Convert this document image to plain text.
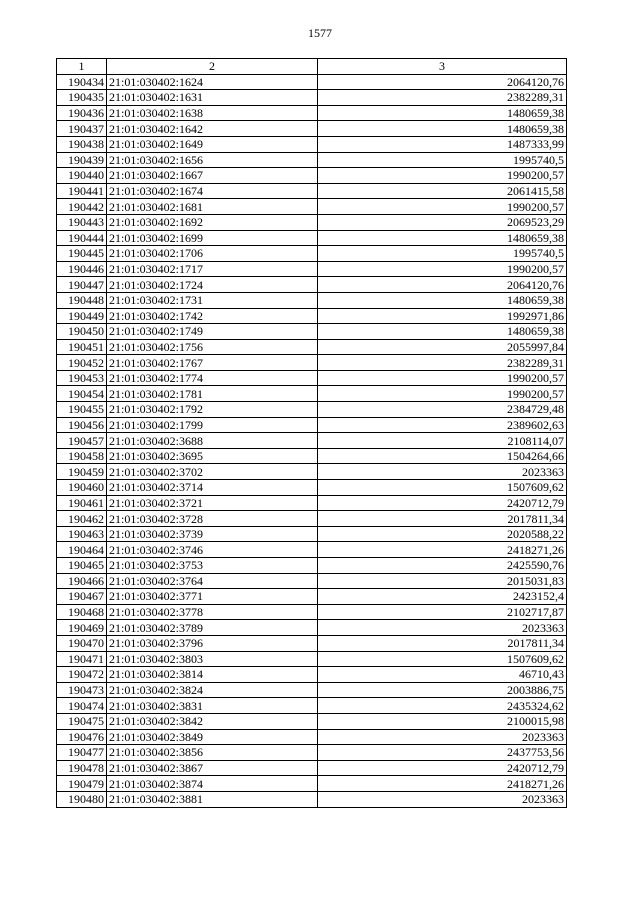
1577
1	2	3
190434	21:01:030402:1624	2064120,76
190435	21:01:030402:1631	2382289,31
190436	21:01:030402:1638	1480659,38
190437	21:01:030402:1642	1480659,38
190438	21:01:030402:1649	1487333,99
190439	21:01:030402:1656	1995740,5
190440	21:01:030402:1667	1990200,57
190441	21:01:030402:1674	2061415,58
190442	21:01:030402:1681	1990200,57
190443	21:01:030402:1692	2069523,29
190444	21:01:030402:1699	1480659,38
190445	21:01:030402:1706	1995740,5
190446	21:01:030402:1717	1990200,57
190447	21:01:030402:1724	2064120,76
190448	21:01:030402:1731	1480659,38
190449	21:01:030402:1742	1992971,86
190450	21:01:030402:1749	1480659,38
190451	21:01:030402:1756	2055997,84
190452	21:01:030402:1767	2382289,31
190453	21:01:030402:1774	1990200,57
190454	21:01:030402:1781	1990200,57
190455	21:01:030402:1792	2384729,48
190456	21:01:030402:1799	2389602,63
190457	21:01:030402:3688	2108114,07
190458	21:01:030402:3695	1504264,66
190459	21:01:030402:3702	2023363
190460	21:01:030402:3714	1507609,62
190461	21:01:030402:3721	2420712,79
190462	21:01:030402:3728	2017811,34
190463	21:01:030402:3739	2020588,22
190464	21:01:030402:3746	2418271,26
190465	21:01:030402:3753	2425590,76
190466	21:01:030402:3764	2015031,83
190467	21:01:030402:3771	2423152,4
190468	21:01:030402:3778	2102717,87
190469	21:01:030402:3789	2023363
190470	21:01:030402:3796	2017811,34
190471	21:01:030402:3803	1507609,62
190472	21:01:030402:3814	46710,43
190473	21:01:030402:3824	2003886,75
190474	21:01:030402:3831	2435324,62
190475	21:01:030402:3842	2100015,98
190476	21:01:030402:3849	2023363
190477	21:01:030402:3856	2437753,56
190478	21:01:030402:3867	2420712,79
190479	21:01:030402:3874	2418271,26
190480	21:01:030402:3881	2023363
